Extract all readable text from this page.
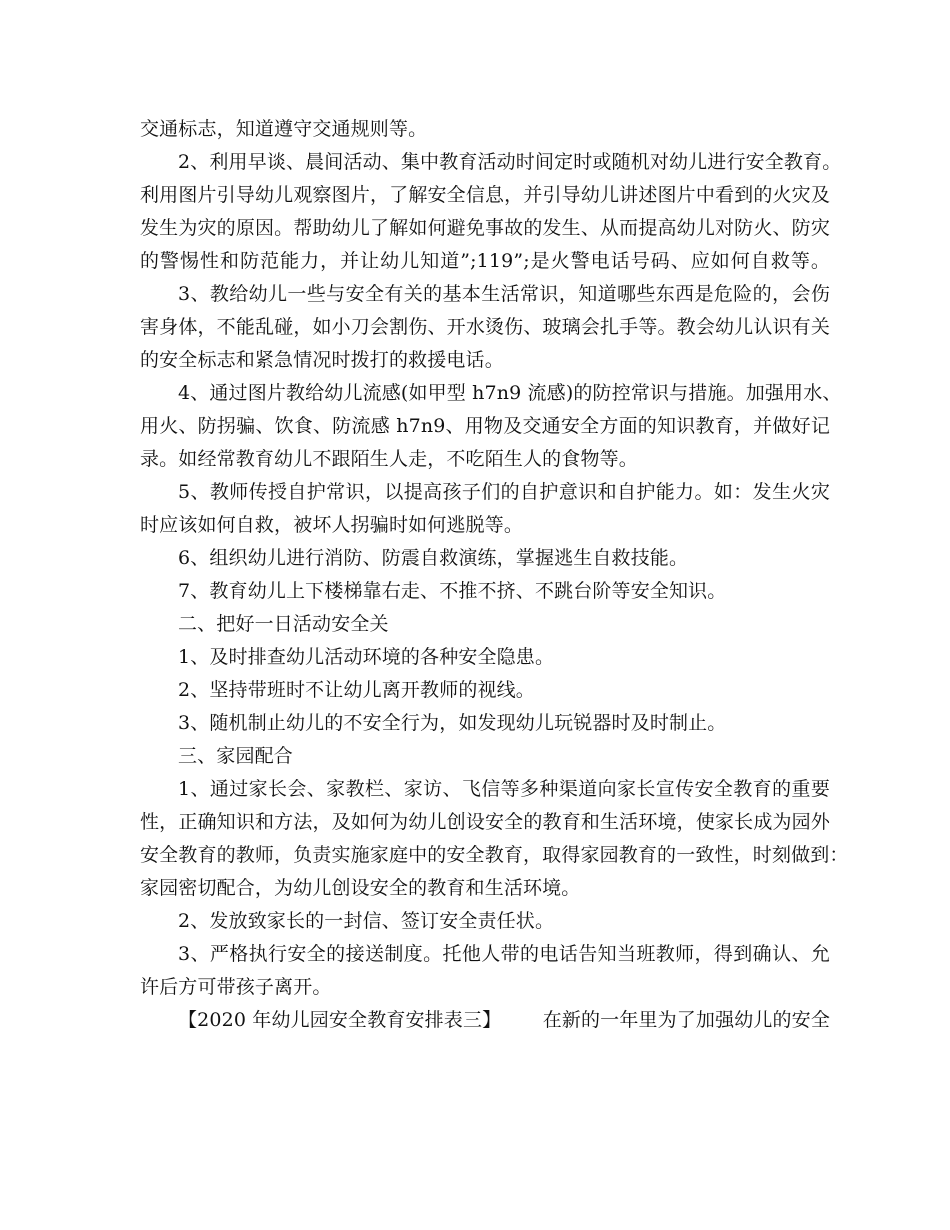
交通标志，知道遵守交通规则等。
2、利用早谈、晨间活动、集中教育活动时间定时或随机对幼儿进行安全教育。
利用图片引导幼儿观察图片，了解安全信息，并引导幼儿讲述图片中看到的火灾及
发生为灾的原因。帮助幼儿了解如何避免事故的发生、从而提高幼儿对防火、防灾
的警惕性和防范能力，并让幼儿知道”;119”;是火警电话号码、应如何自救等。
3、教给幼儿一些与安全有关的基本生活常识，知道哪些东西是危险的，会伤
害身体，不能乱碰，如小刀会割伤、开水烫伤、玻璃会扎手等。教会幼儿认识有关
的安全标志和紧急情况时拨打的救援电话。
4、通过图片教给幼儿流感(如甲型 h7n9 流感)的防控常识与措施。加强用水、
用火、防拐骗、饮食、防流感 h7n9、用物及交通安全方面的知识教育，并做好记
录。如经常教育幼儿不跟陌生人走，不吃陌生人的食物等。
5、教师传授自护常识，以提高孩子们的自护意识和自护能力。如：发生火灾
时应该如何自救，被坏人拐骗时如何逃脱等。
6、组织幼儿进行消防、防震自救演练，掌握逃生自救技能。
7、教育幼儿上下楼梯靠右走、不推不挤、不跳台阶等安全知识。
二、把好一日活动安全关
1、及时排查幼儿活动环境的各种安全隐患。
2、坚持带班时不让幼儿离开教师的视线。
3、随机制止幼儿的不安全行为，如发现幼儿玩锐器时及时制止。
三、家园配合
1、通过家长会、家教栏、家访、飞信等多种渠道向家长宣传安全教育的重要
性，正确知识和方法，及如何为幼儿创设安全的教育和生活环境，使家长成为园外
安全教育的教师，负责实施家庭中的安全教育，取得家园教育的一致性，时刻做到：
家园密切配合，为幼儿创设安全的教育和生活环境。
2、发放致家长的一封信、签订安全责任状。
3、严格执行安全的接送制度。托他人带的电话告知当班教师，得到确认、允
许后方可带孩子离开。
【2020 年幼儿园安全教育安排表三】 在新的一年里为了加强幼儿的安全
